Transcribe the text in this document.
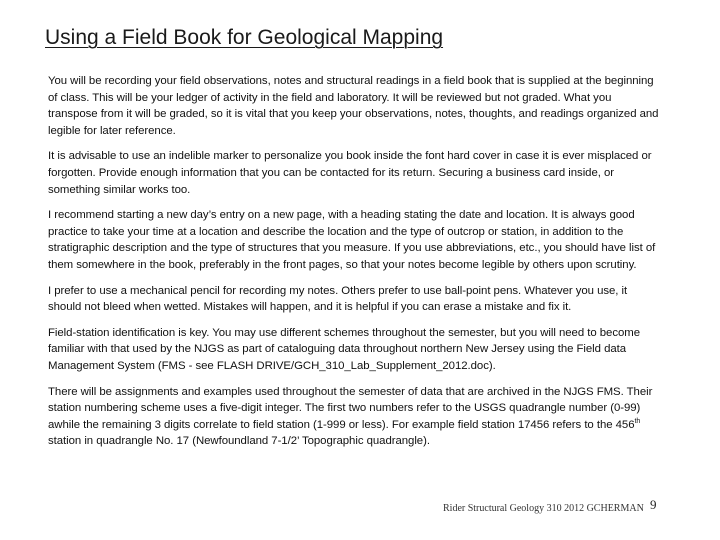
Using a Field Book for Geological Mapping

You will be recording your field observations, notes and structural readings in a field book that is supplied at the beginning of class. This will be your ledger of activity in the field and laboratory. It will be reviewed but not graded. What you transpose from it will be graded, so it is vital that you keep your observations, notes, thoughts, and readings organized and legible for later reference.

It is advisable to use an indelible marker to personalize you book inside the font hard cover in case it is ever misplaced or forgotten. Provide enough information that you can be contacted for its return. Securing a business card inside, or something similar works too.

I recommend starting a new day’s entry on a new page, with a heading stating the date and location. It is always good practice to take your time at a location and describe the location and the type of outcrop or station, in addition to the stratigraphic description and the type of structures that you measure. If you use abbreviations, etc., you should have list of them somewhere in the book, preferably in the front pages, so that your notes become legible by others upon scrutiny.

I prefer to use a mechanical pencil for recording my notes. Others prefer to use ball-point pens. Whatever you use, it should not bleed when wetted. Mistakes will happen, and it is helpful if you can erase a mistake and fix it.

Field-station identification is key. You may use different schemes throughout the semester, but you will need to become familiar with that used by the NJGS as part of cataloguing data throughout northern New Jersey using the Field data Management System (FMS - see FLASH DRIVE/GCH_310_Lab_Supplement_2012.doc).

There will be assignments and examples used throughout the semester of data that are archived in the NJGS FMS. Their station numbering scheme uses a five-digit integer. The first two numbers refer to the USGS quadrangle number (0-99) awhile the remaining 3 digits correlate to field station (1-999 or less). For example field station 17456 refers to the 456th station in quadrangle No. 17 (Newfoundland 7-1/2’ Topographic quadrangle).

Rider Structural Geology 310 2012 GCHERMAN 9
